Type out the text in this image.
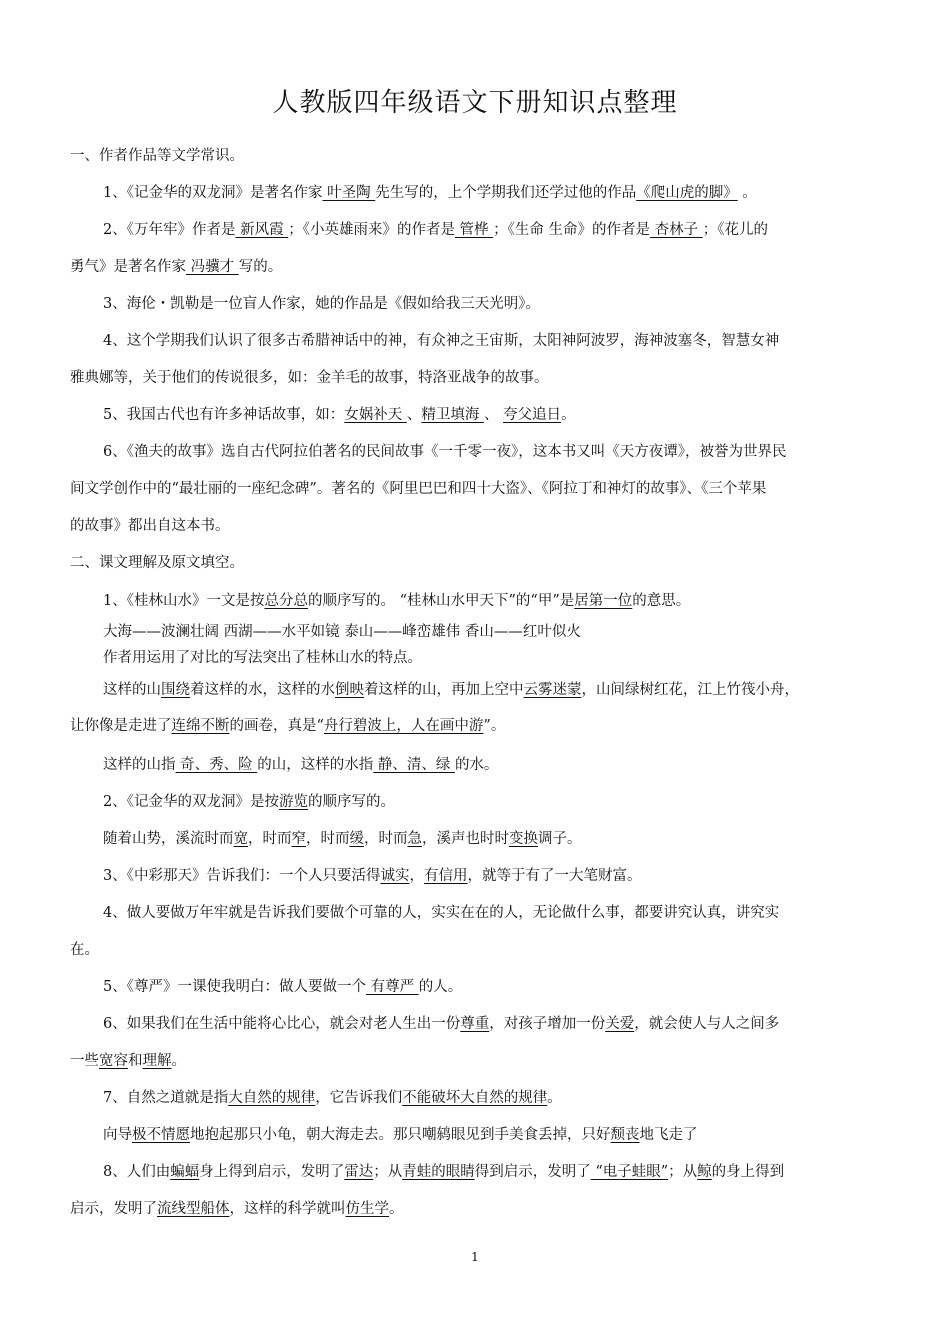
人教版四年级语文下册知识点整理

一、作者作品等文学常识。

1、《记金华的双龙洞》是著名作家 叶圣陶 先生写的，上个学期我们还学过他的作品《爬山虎的脚》 。

2、《万年牢》作者是 新风霞 ；《小英雄雨来》的作者是 管桦 ；《生命 生命》的作者是 杏林子 ；《花儿的

勇气》是著名作家 冯骥才 写的。

3、海伦・凯勒是一位盲人作家，她的作品是《假如给我三天光明》。

4、这个学期我们认识了很多古希腊神话中的神，有众神之王宙斯，太阳神阿波罗，海神波塞冬，智慧女神

雅典娜等，关于他们的传说很多，如：金羊毛的故事，特洛亚战争的故事。

5、我国古代也有许多神话故事，如：女娲补天 、精卫填海 、 夸父追日。

6、《渔夫的故事》选自古代阿拉伯著名的民间故事《一千零一夜》，这本书又叫《天方夜谭》，被誉为世界民

间文学创作中的“最壮丽的一座纪念碑”。著名的《阿里巴巴和四十大盗》、《阿拉丁和神灯的故事》、《三个苹果

的故事》都出自这本书。

二、课文理解及原文填空。

1、《桂林山水》一文是按总分总的顺序写的。 “桂林山水甲天下”的“甲”是居第一位的意思。

大海——波澜壮阔 西湖——水平如镜 泰山——峰峦雄伟 香山——红叶似火

作者用运用了对比的写法突出了桂林山水的特点。

这样的山围绕着这样的水，这样的水倒映着这样的山，再加上空中云雾迷蒙，山间绿树红花，江上竹筏小舟，

让你像是走进了连绵不断的画卷，真是“舟行碧波上，人在画中游”。

这样的山指 奇、秀、险 的山，这样的水指 静、清、绿 的水。

2、《记金华的双龙洞》是按游览的顺序写的。

随着山势，溪流时而宽，时而窄，时而缓，时而急，溪声也时时变换调子。

3、《中彩那天》告诉我们：一个人只要活得诚实，有信用，就等于有了一大笔财富。

4、做人要做万年牢就是告诉我们要做个可靠的人，实实在在的人，无论做什么事，都要讲究认真，讲究实

在。

5、《尊严》一课使我明白：做人要做一个 有尊严 的人。

6、如果我们在生活中能将心比心，就会对老人生出一份尊重，对孩子增加一份关爱，就会使人与人之间多

一些宽容和理解。

7、自然之道就是指大自然的规律，它告诉我们不能破坏大自然的规律。

向导极不情愿地抱起那只小龟，朝大海走去。那只嘲鸫眼见到手美食丢掉，只好颓丧地飞走了

8、人们由蝙蝠身上得到启示，发明了雷达；从青蛙的眼睛得到启示，发明了 “电子蛙眼”；从鲸的身上得到

启示，发明了流线型船体，这样的科学就叫仿生学。

1
